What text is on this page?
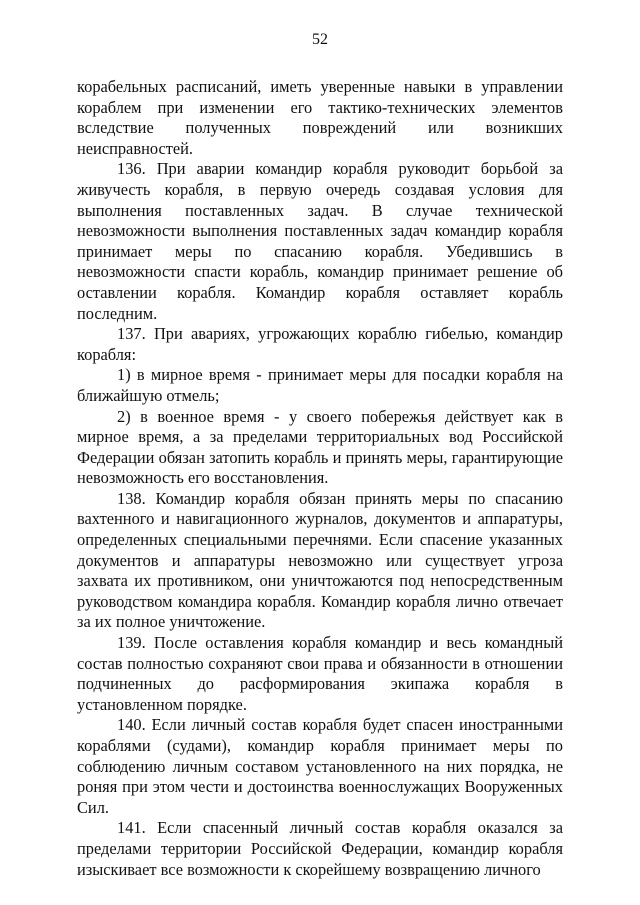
52

корабельных расписаний, иметь уверенные навыки в управлении кораблем при изменении его тактико-технических элементов вследствие полученных повреждений или возникших неисправностей.

136. При аварии командир корабля руководит борьбой за живучесть корабля, в первую очередь создавая условия для выполнения поставленных задач. В случае технической невозможности выполнения поставленных задач командир корабля принимает меры по спасанию корабля. Убедившись в невозможности спасти корабль, командир принимает решение об оставлении корабля. Командир корабля оставляет корабль последним.

137. При авариях, угрожающих кораблю гибелью, командир корабля:

1) в мирное время - принимает меры для посадки корабля на ближайшую отмель;

2) в военное время - у своего побережья действует как в мирное время, а за пределами территориальных вод Российской Федерации обязан затопить корабль и принять меры, гарантирующие невозможность его восстановления.

138. Командир корабля обязан принять меры по спасанию вахтенного и навигационного журналов, документов и аппаратуры, определенных специальными перечнями. Если спасение указанных документов и аппаратуры невозможно или существует угроза захвата их противником, они уничтожаются под непосредственным руководством командира корабля. Командир корабля лично отвечает за их полное уничтожение.

139. После оставления корабля командир и весь командный состав полностью сохраняют свои права и обязанности в отношении подчиненных до расформирования экипажа корабля в установленном порядке.

140. Если личный состав корабля будет спасен иностранными кораблями (судами), командир корабля принимает меры по соблюдению личным составом установленного на них порядка, не роняя при этом чести и достоинства военнослужащих Вооруженных Сил.

141. Если спасенный личный состав корабля оказался за пределами территории Российской Федерации, командир корабля изыскивает все возможности к скорейшему возвращению личного
